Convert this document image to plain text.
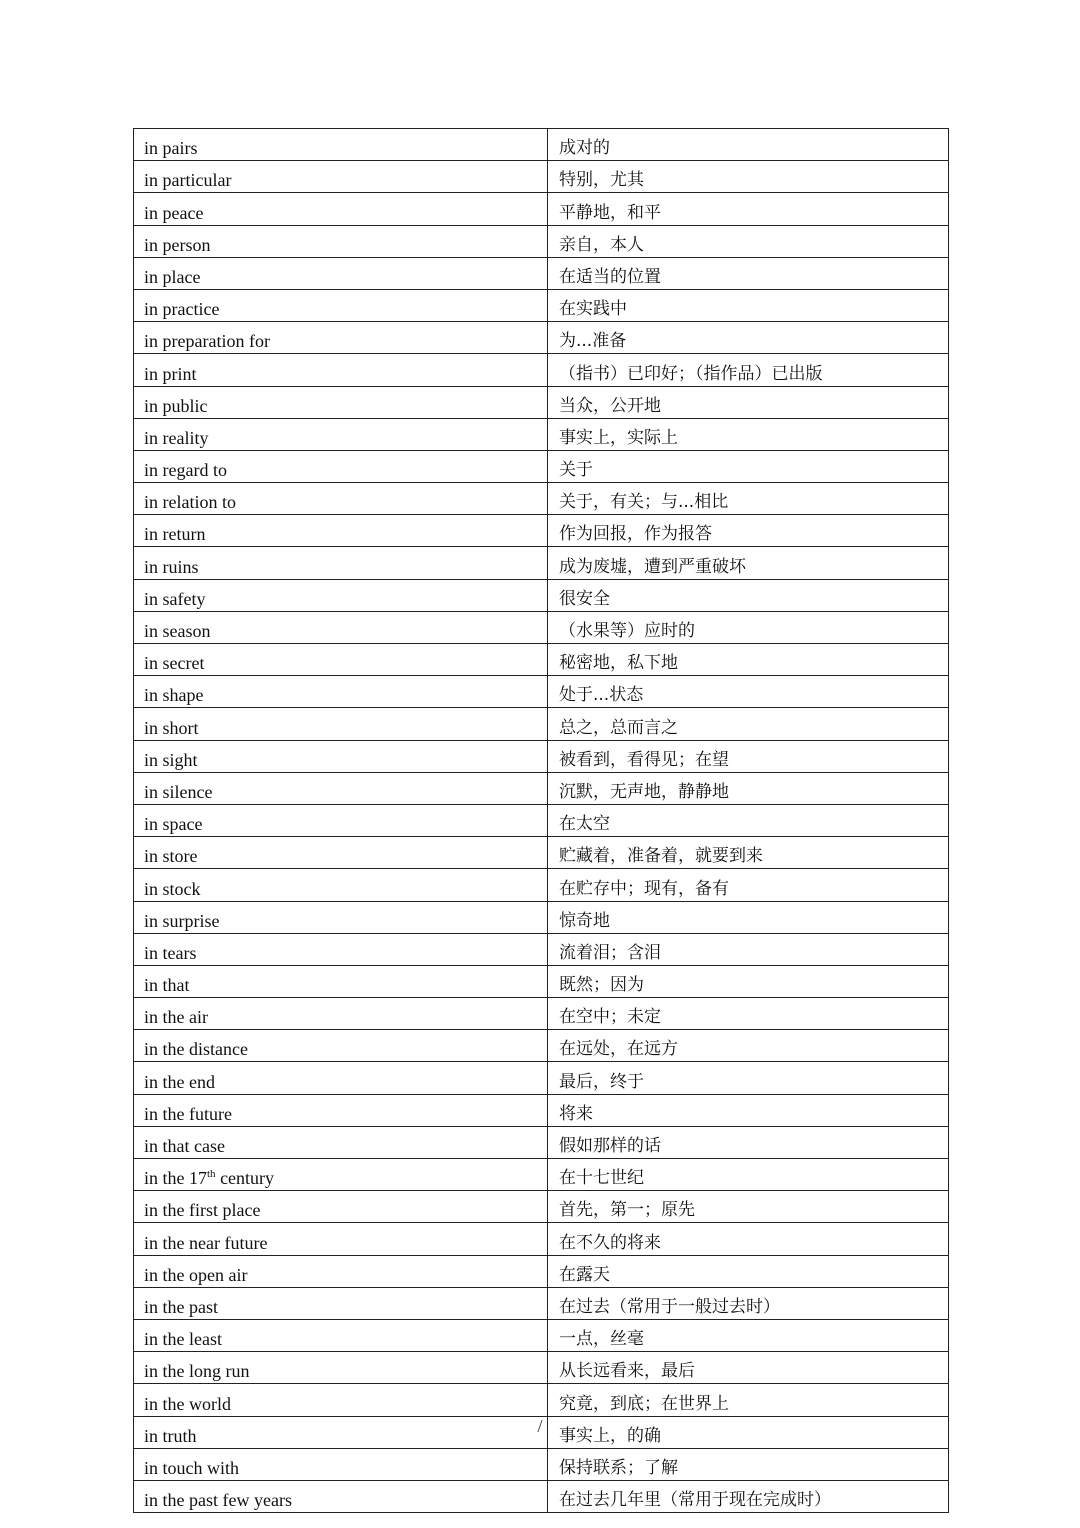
in pairs	成对的
in particular	特别，尤其
in peace	平静地，和平
in person	亲自，本人
in place	在适当的位置
in practice	在实践中
in preparation for	为...准备
in print	（指书）已印好；（指作品）已出版
in public	当众，公开地
in reality	事实上，实际上
in regard to	关于
in relation to	关于，有关；与...相比
in return	作为回报，作为报答
in ruins	成为废墟，遭到严重破坏
in safety	很安全
in season	（水果等）应时的
in secret	秘密地，私下地
in shape	处于...状态
in short	总之，总而言之
in sight	被看到，看得见；在望
in silence	沉默，无声地，静静地
in space	在太空
in store	贮藏着，准备着，就要到来
in stock	在贮存中；现有，备有
in surprise	惊奇地
in tears	流着泪；含泪
in that	既然；因为
in the air	在空中；未定
in the distance	在远处，在远方
in the end	最后，终于
in the future	将来
in that case	假如那样的话
in the 17th century	在十七世纪
in the first place	首先，第一；原先
in the near future	在不久的将来
in the open air	在露天
in the past	在过去（常用于一般过去时）
in the least	一点，丝毫
in the long run	从长远看来，最后
in the world	究竟，到底；在世界上
in truth	事实上，的确
in touch with	保持联系；了解
in the past few years	在过去几年里（常用于现在完成时）
/
